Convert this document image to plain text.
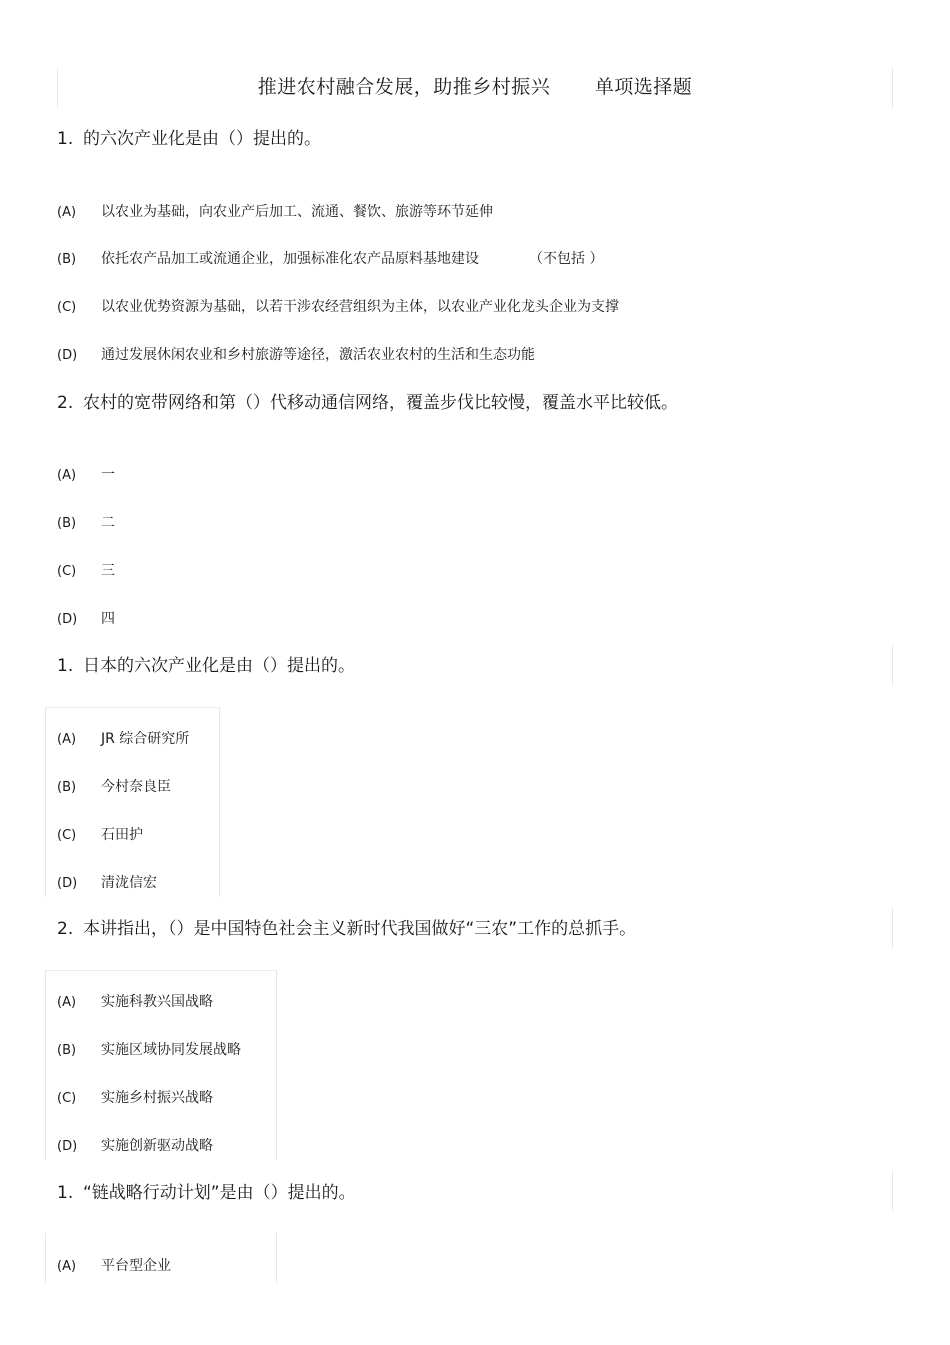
推进农村融合发展，助推乡村振兴 单项选择题
1. 的六次产业化是由（）提出的。
(A) 以农业为基础，向农业产后加工、流通、餐饮、旅游等环节延伸
(B) 依托农产品加工或流通企业，加强标准化农产品原料基地建设	（不包括 ）
(C) 以农业优势资源为基础，以若干涉农经营组织为主体，以农业产业化龙头企业为支撑
(D) 通过发展休闲农业和乡村旅游等途径，激活农业农村的生活和生态功能
2. 农村的宽带网络和第（）代移动通信网络，覆盖步伐比较慢，覆盖水平比较低。
(A) 一
(B) 二
(C) 三
(D) 四
1. 日本的六次产业化是由（）提出的。
(A) JR 综合研究所
(B) 今村奈良臣
(C) 石田护
(D) 清泷信宏
2. 本讲指出，（）是中国特色社会主义新时代我国做好“三农”工作的总抓手。
(A) 实施科教兴国战略
(B) 实施区域协同发展战略
(C) 实施乡村振兴战略
(D) 实施创新驱动战略
1. “链战略行动计划”是由（）提出的。
(A) 平台型企业
